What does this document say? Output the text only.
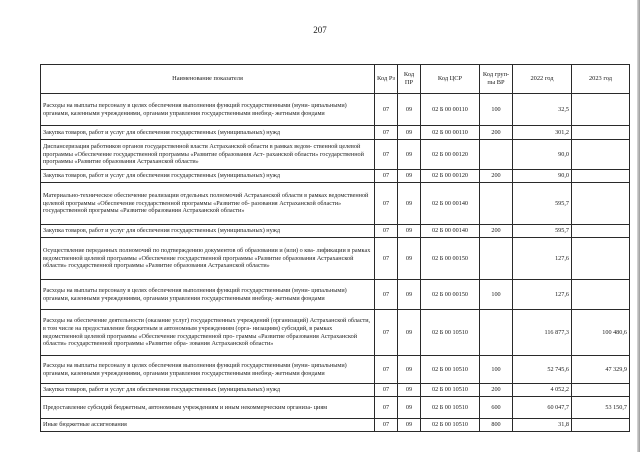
207
Наименование показателя	Код Рз	Код ПР	Код ЦСР	Код груп- пы ВР	2022 год	2023 год
Расходы на выплаты персоналу в целях обеспечения выполнения функций государственными (муни- ципальными) органами, казенными учреждениями, органами управления государственными внебюд- жетными фондами	07	09	02 Б 00 00110	100	32,5	
Закупка товаров, работ и услуг для обеспечения государственных (муниципальных) нужд	07	09	02 Б 00 00110	200	301,2	
Диспансеризация работников органов государственной власти Астраханской области в рамках ведом- ственной целевой программы «Обеспечение государственной программы «Развитие образования Аст- раханской области» государственной программы «Развитие образования Астраханской области»	07	09	02 Б 00 00120		90,0	
Закупка товаров, работ и услуг для обеспечения государственных (муниципальных) нужд	07	09	02 Б 00 00120	200	90,0	
Материально-техническое обеспечение реализации отдельных полномочий Астраханской области в рамках ведомственной целевой программы «Обеспечение государственной программы «Развитие об- разования Астраханской области» государственной программы «Развитие образования Астраханской области»	07	09	02 Б 00 00140		595,7	
Закупка товаров, работ и услуг для обеспечения государственных (муниципальных) нужд	07	09	02 Б 00 00140	200	595,7	
Осуществление переданных полномочий по подтверждению документов об образовании и (или) о ква- лификации в рамках ведомственной целевой программы «Обеспечение государственной программы «Развитие образования Астраханской области» государственной программы «Развитие образования Астраханской области»	07	09	02 Б 00 00150		127,6	
Расходы на выплаты персоналу в целях обеспечения выполнения функций государственными (муни- ципальными) органами, казенными учреждениями, органами управления государственными внебюд- жетными фондами	07	09	02 Б 00 00150	100	127,6	
Расходы на обеспечение деятельности (оказание услуг) государственных учреждений (организаций) Астраханской области, в том числе на предоставление бюджетным и автономным учреждениям (орга- низациям) субсидий, в рамках ведомственной целевой программы «Обеспечение государственной про- граммы «Развитие образования Астраханской области» государственной программы «Развитие обра- зования Астраханской области»	07	09	02 Б 00 10510		116 877,3	100 480,6
Расходы на выплаты персоналу в целях обеспечения выполнения функций государственными (муни- ципальными) органами, казенными учреждениями, органами управления государственными внебюд- жетными фондами	07	09	02 Б 00 10510	100	52 745,6	47 329,9
Закупка товаров, работ и услуг для обеспечения государственных (муниципальных) нужд	07	09	02 Б 00 10510	200	4 052,2	
Предоставление субсидий бюджетным, автономным учреждениям и иным некоммерческим организа- циям	07	09	02 Б 00 10510	600	60 047,7	53 150,7
Иные бюджетные ассигнования	07	09	02 Б 00 10510	800	31,8	
